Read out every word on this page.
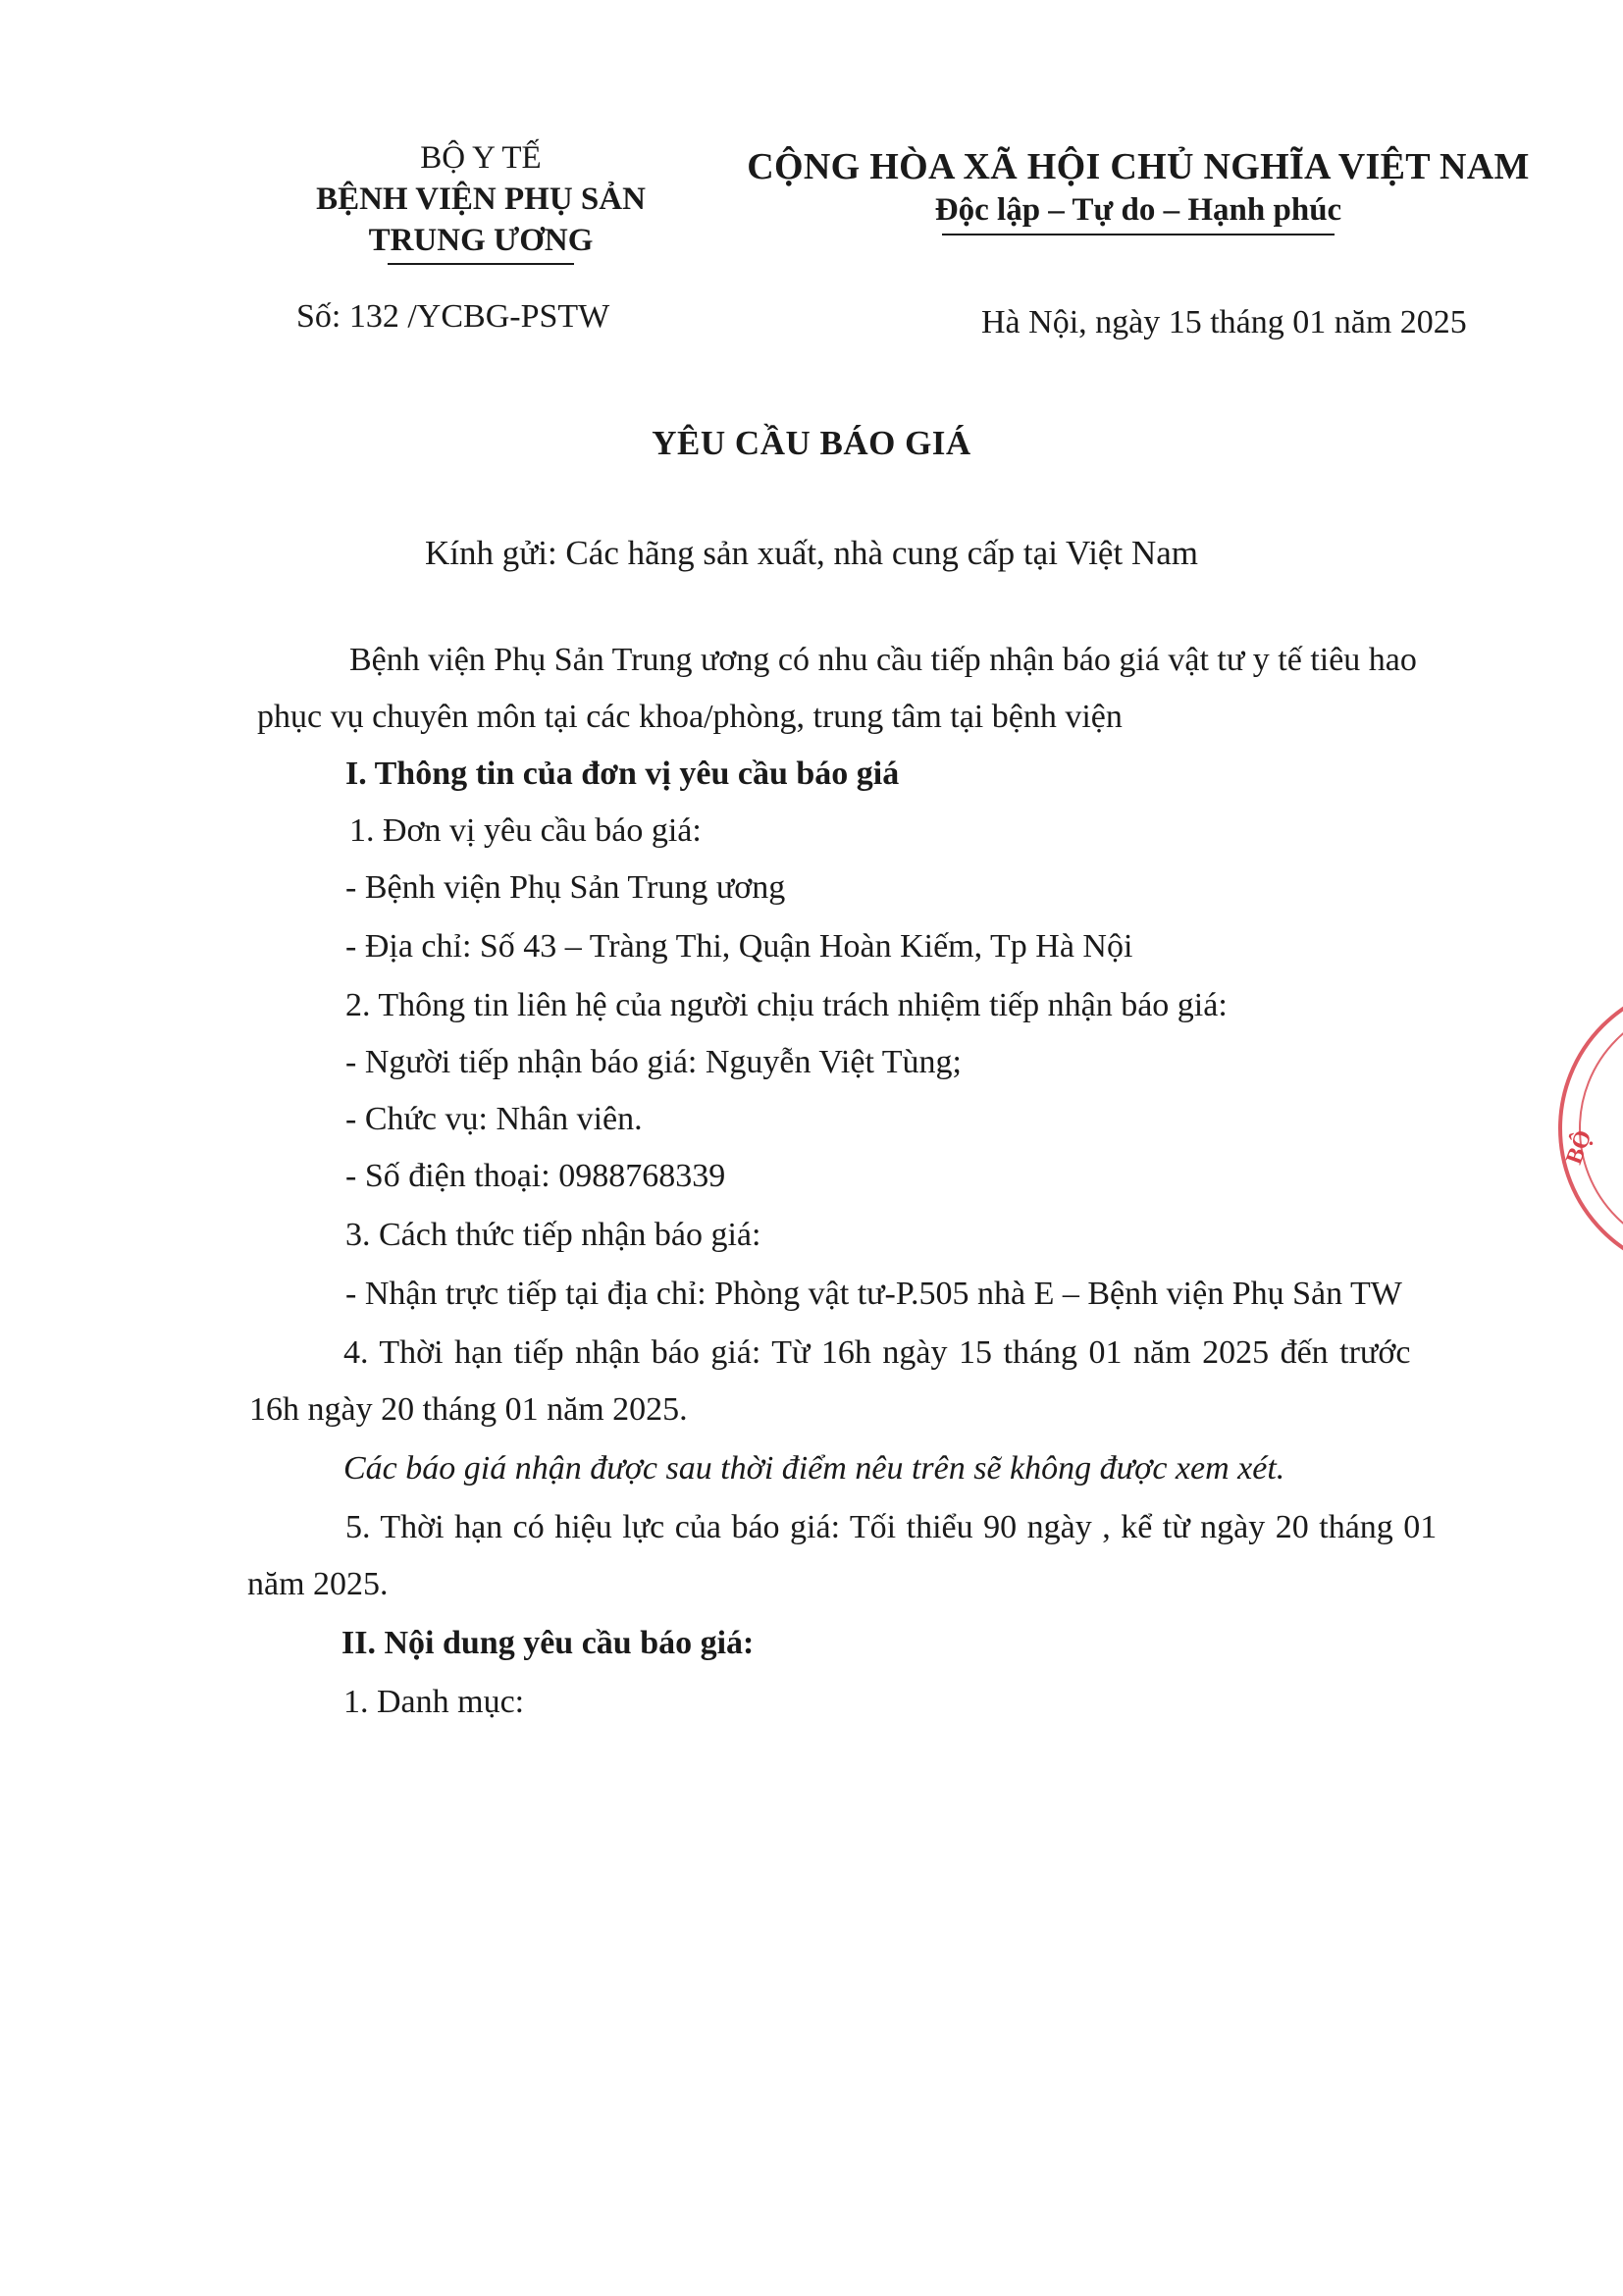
BỘ Y TẾ
BỆNH VIỆN PHỤ SẢN
TRUNG ƯƠNG
CỘNG HÒA XÃ HỘI CHỦ NGHĨA VIỆT NAM
Độc lập – Tự do – Hạnh phúc
Số: 132 /YCBG-PSTW	Hà Nội, ngày 15 tháng 01 năm 2025
YÊU CẦU BÁO GIÁ
Kính gửi: Các hãng sản xuất, nhà cung cấp tại Việt Nam
Bệnh viện Phụ Sản Trung ương có nhu cầu tiếp nhận báo giá vật tư y tế tiêu hao
phục vụ chuyên môn tại các khoa/phòng, trung tâm tại bệnh viện
I. Thông tin của đơn vị yêu cầu báo giá
1. Đơn vị yêu cầu báo giá:
- Bệnh viện Phụ Sản Trung ương
- Địa chỉ: Số 43 – Tràng Thi, Quận Hoàn Kiếm, Tp Hà Nội
2. Thông tin liên hệ của người chịu trách nhiệm tiếp nhận báo giá:
- Người tiếp nhận báo giá: Nguyễn Việt Tùng;
- Chức vụ: Nhân viên.
- Số điện thoại: 0988768339
3. Cách thức tiếp nhận báo giá:
- Nhận trực tiếp tại địa chỉ: Phòng vật tư-P.505 nhà E – Bệnh viện Phụ Sản TW
4. Thời hạn tiếp nhận báo giá: Từ 16h ngày 15 tháng 01 năm 2025 đến trước
16h ngày 20 tháng 01 năm 2025.
Các báo giá nhận được sau thời điểm nêu trên sẽ không được xem xét.
5. Thời hạn có hiệu lực của báo giá: Tối thiểu 90 ngày , kể từ ngày 20 tháng 01
năm 2025.
II. Nội dung yêu cầu báo giá:
1. Danh mục:
BỘ
